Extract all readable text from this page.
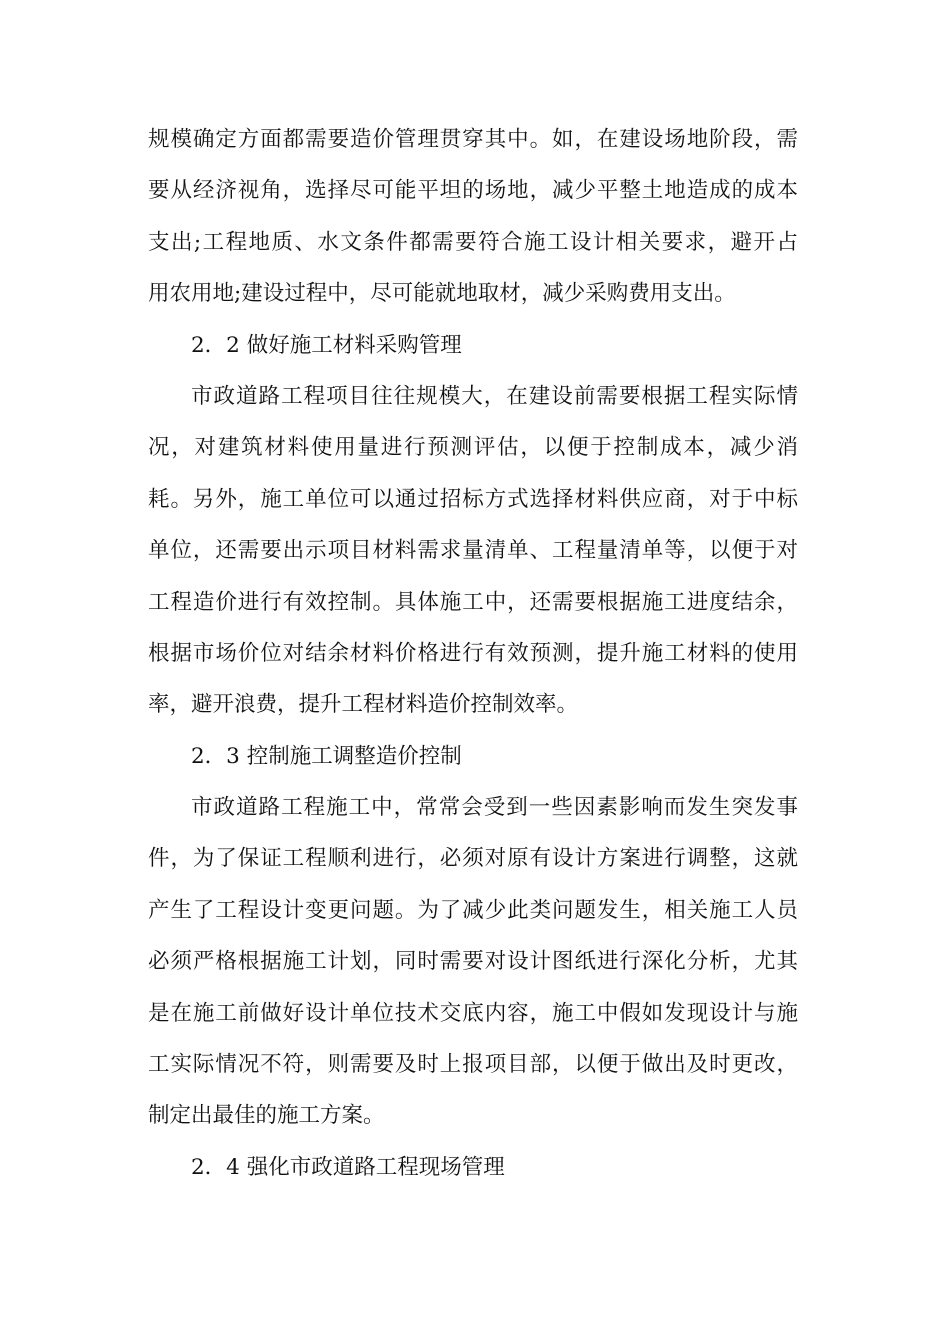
规模确定方面都需要造价管理贯穿其中。如，在建设场地阶段，需
要从经济视角，选择尽可能平坦的场地，减少平整土地造成的成本
支出;工程地质、水文条件都需要符合施工设计相关要求，避开占
用农用地;建设过程中，尽可能就地取材，减少采购费用支出。
2．2 做好施工材料采购管理
市政道路工程项目往往规模大，在建设前需要根据工程实际情
况，对建筑材料使用量进行预测评估，以便于控制成本，减少消
耗。另外，施工单位可以通过招标方式选择材料供应商，对于中标
单位，还需要出示项目材料需求量清单、工程量清单等，以便于对
工程造价进行有效控制。具体施工中，还需要根据施工进度结余，
根据市场价位对结余材料价格进行有效预测，提升施工材料的使用
率，避开浪费，提升工程材料造价控制效率。
2．3 控制施工调整造价控制
市政道路工程施工中，常常会受到一些因素影响而发生突发事
件，为了保证工程顺利进行，必须对原有设计方案进行调整，这就
产生了工程设计变更问题。为了减少此类问题发生，相关施工人员
必须严格根据施工计划，同时需要对设计图纸进行深化分析，尤其
是在施工前做好设计单位技术交底内容，施工中假如发现设计与施
工实际情况不符，则需要及时上报项目部，以便于做出及时更改，
制定出最佳的施工方案。
2．4 强化市政道路工程现场管理
